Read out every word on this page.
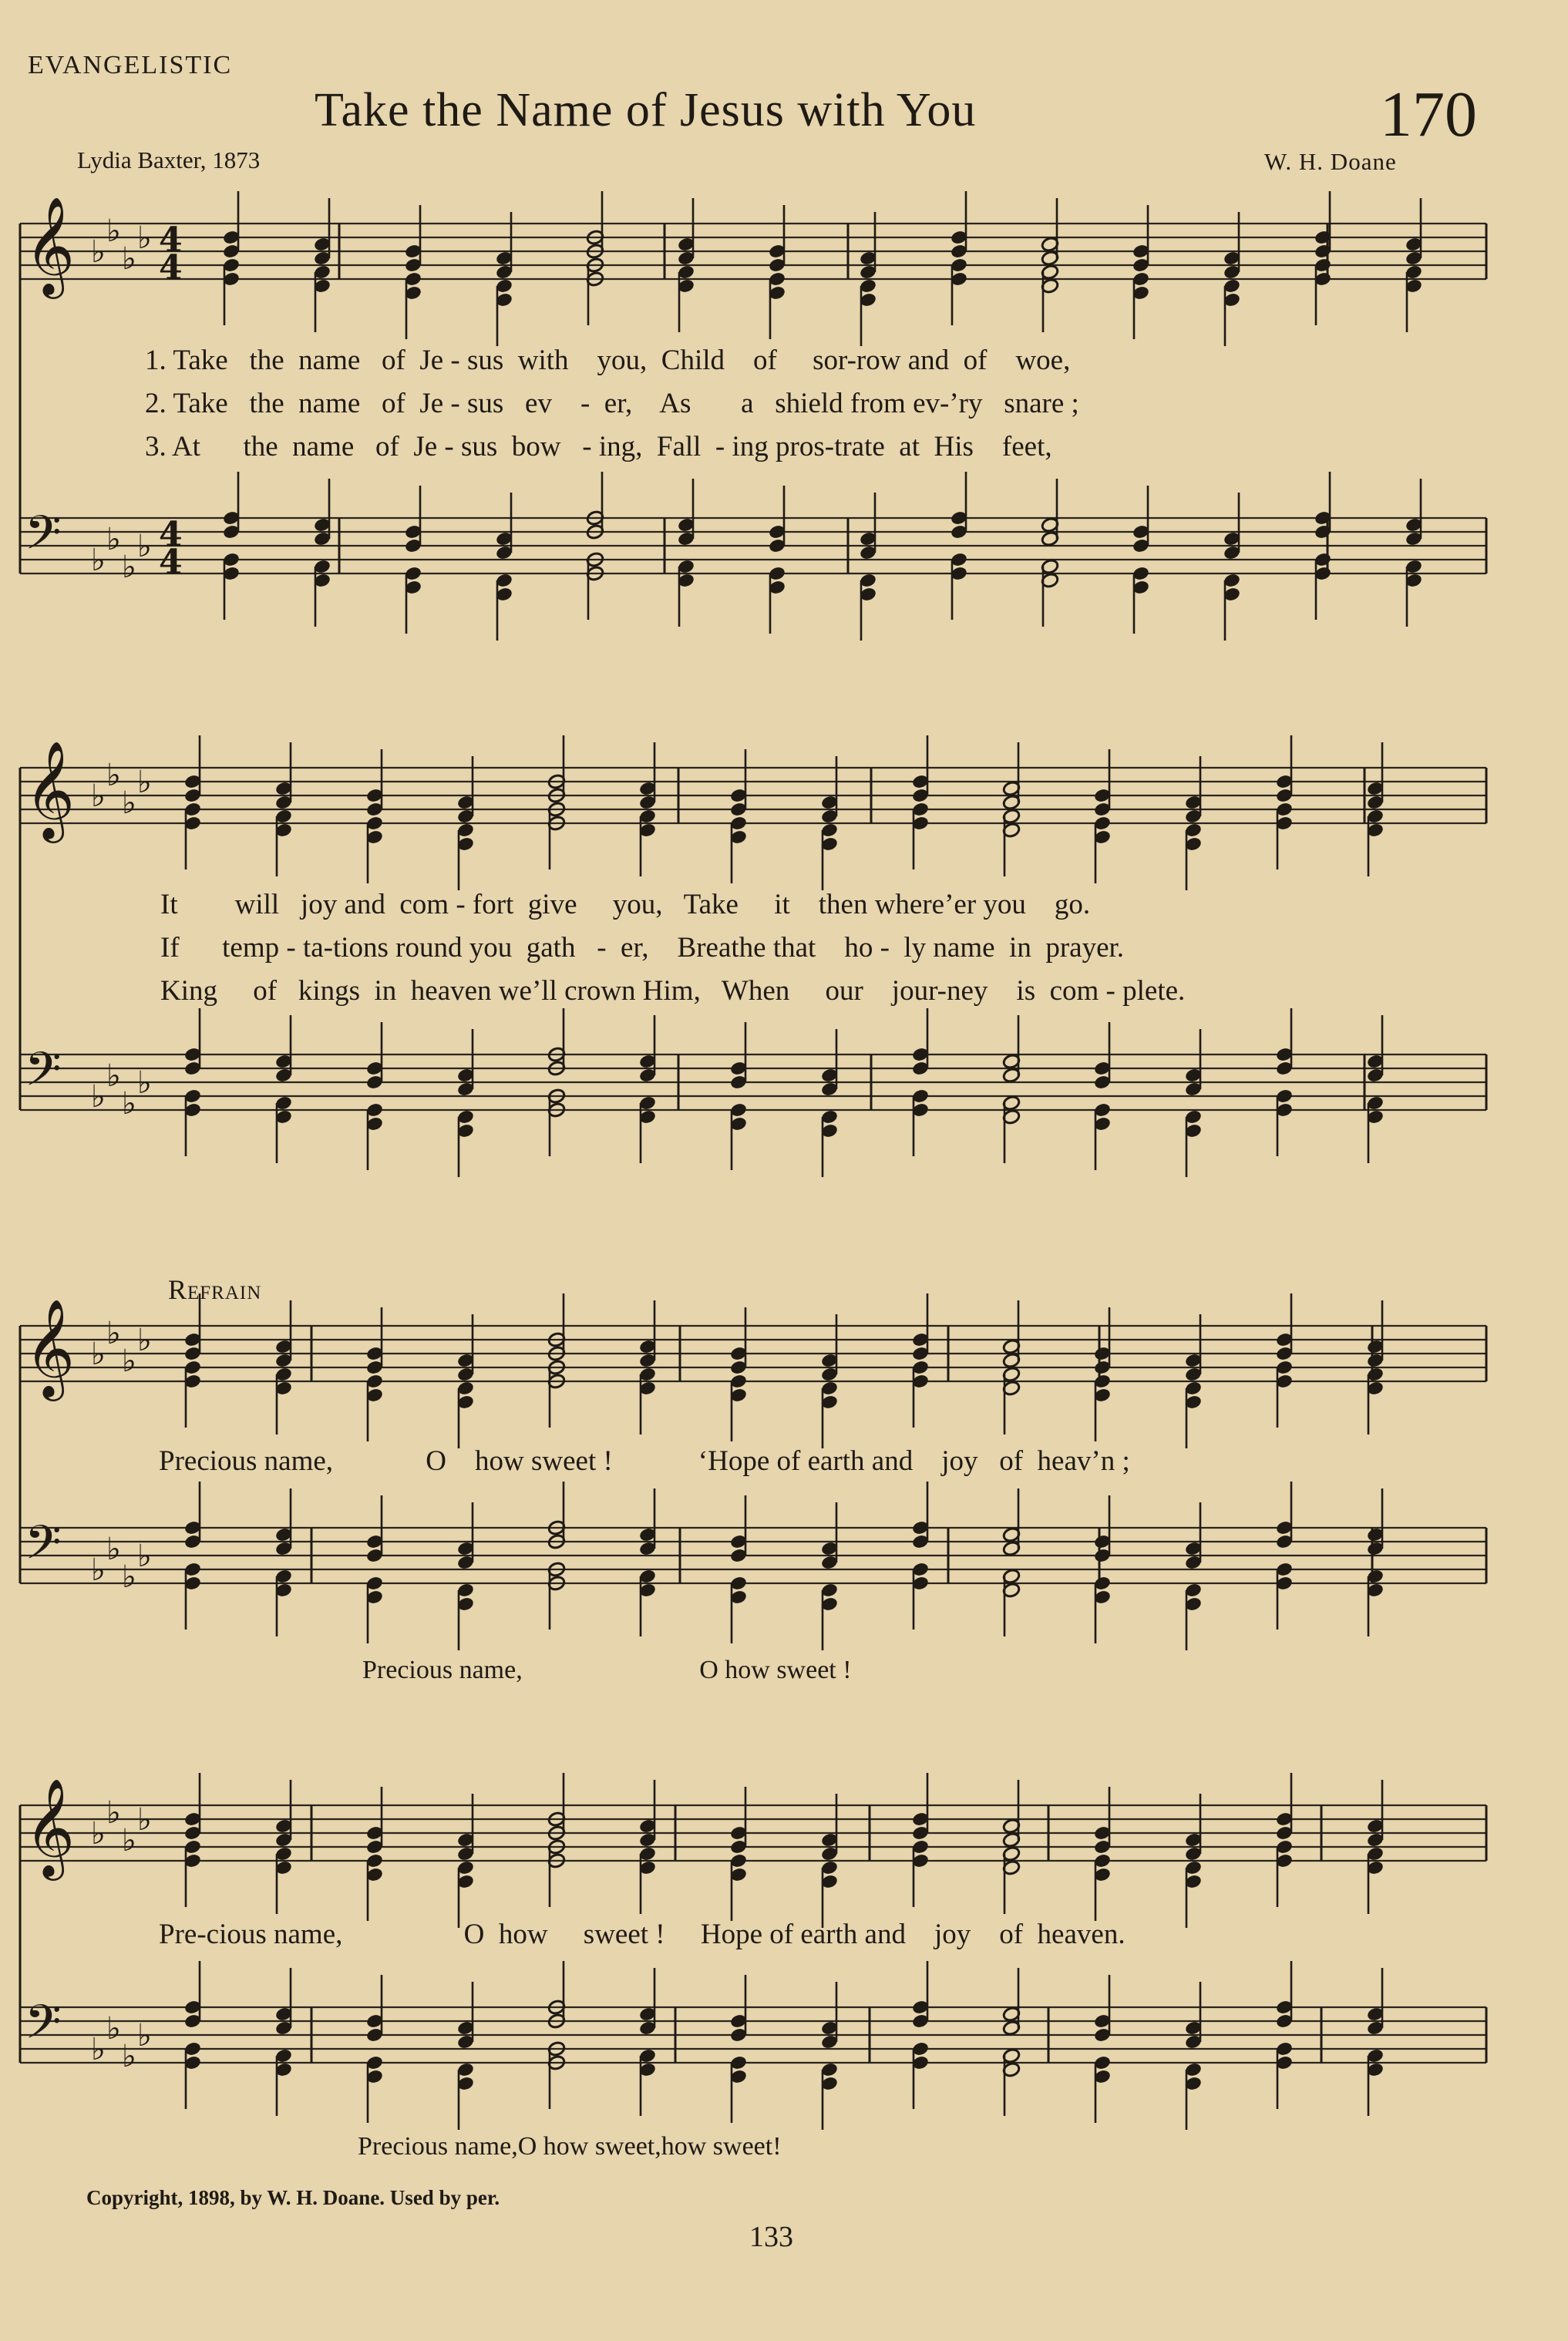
EVANGELISTIC
Take the Name of Jesus with You	170
Lydia Baxter, 1873	W. H. Doane
𝄞 ♭
♭
♭
♭ 4
4
𝄢 ♭
♭
♭
♭ 4
4
𝄞 ♭
♭
♭
♭
𝄢 ♭
♭
♭
♭
𝄞 ♭
♭
♭
♭
𝄢 ♭
♭
♭
♭
𝄞 ♭
♭
♭
♭
𝄢 ♭
♭
♭
♭
1. Take   the  name   of  Je - sus  with    you,  Child    of     sor-row and  of    woe,
2. Take   the  name   of  Je - sus   ev    -  er,    As       a   shield from ev-’ry   snare ;
3. At      the  name   of  Je - sus  bow   - ing,  Fall  - ing pros-trate  at  His    feet,
It        will   joy and  com - fort  give     you,   Take     it    then where’er you    go.
If      temp - ta-tions round you  gath   -  er,    Breathe that    ho -  ly name  in  prayer.
King     of   kings  in  heaven we’ll crown Him,   When     our    jour-ney    is  com - plete.
Refrain
Precious name,             O    how sweet !            ‘Hope of earth and    joy   of  heav’n ;
Precious name,                           O how sweet !
Pre-cious name,                 O  how     sweet !     Hope of earth and    joy    of  heaven.
Precious name,O how sweet,how sweet!
Copyright, 1898, by W. H. Doane. Used by per.
133
